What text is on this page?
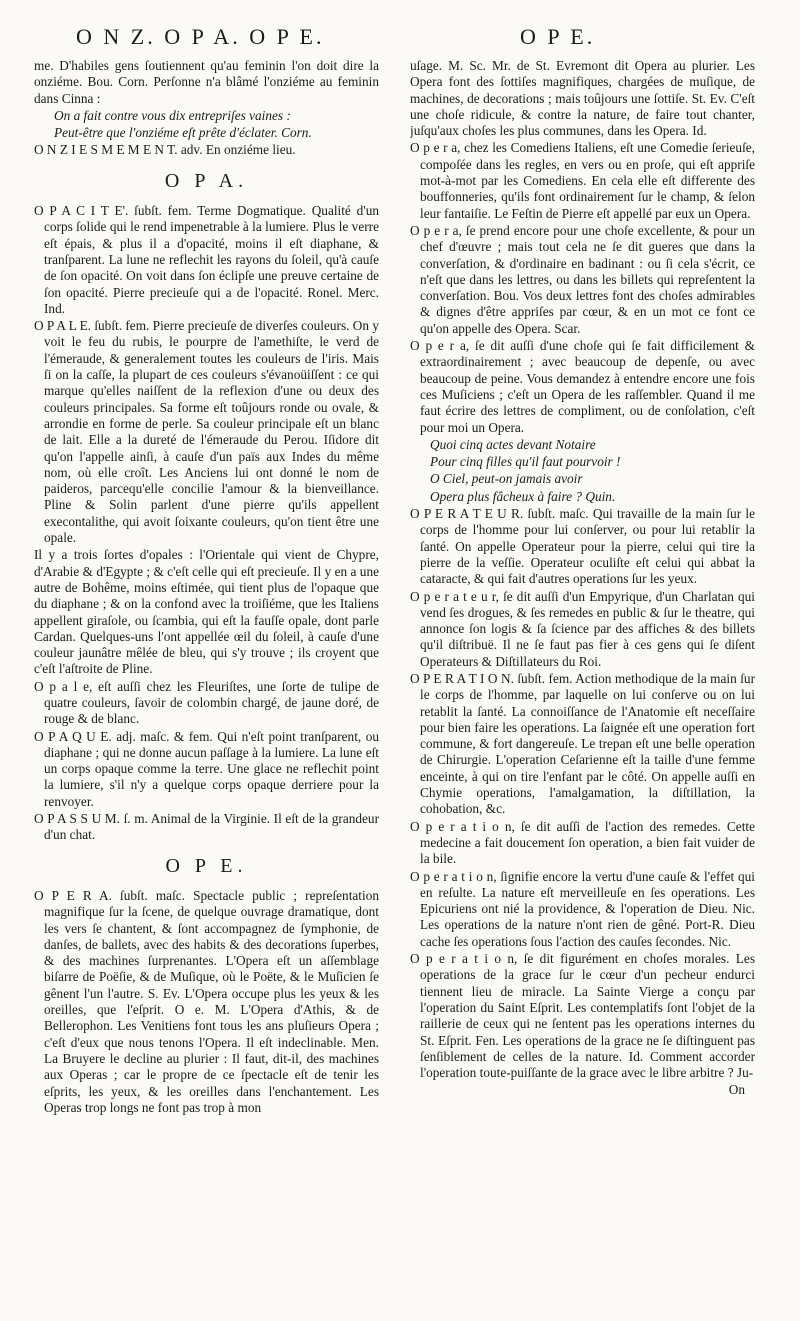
O N Z. O P A. O P E.	O P E.

me. D'habiles gens ſoutiennent qu'au feminin l'on doit dire la onziéme. Bou. Corn. Perſonne n'a blâmé l'onziéme au feminin dans Cinna :

On a fait contre vous dix entrepriſes vaines :

Peut-être que l'onziéme eſt prête d'éclater. Corn.

O N Z I E S M E M E N T. adv. En onziéme lieu.

O P A.

O P A C I T E'. ſubſt. fem. Terme Dogmatique. Qualité d'un corps ſolide qui le rend impenetrable à la lumiere. Plus le verre eſt épais, & plus il a d'opacité, moins il eſt diaphane, & tranſparent. La lune ne reflechit les rayons du ſoleil, qu'à cauſe de ſon opacité. On voit dans ſon éclipſe une preuve certaine de ſon opacité. Pierre precieuſe qui a de l'opacité. Ronel. Merc. Ind.

O P A L E. ſubſt. fem. Pierre precieuſe de diverſes couleurs. On y voit le feu du rubis, le pourpre de l'amethiſte, le verd de l'émeraude, & generalement toutes les couleurs de l'iris. Mais ſi on la caſſe, la plupart de ces couleurs s'évanoüiſſent : ce qui marque qu'elles naiſſent de la reflexion d'une ou deux des couleurs principales. Sa forme eſt toûjours ronde ou ovale, & arrondie en forme de perle. Sa couleur principale eſt un blanc de lait. Elle a la dureté de l'émeraude du Perou. Iſidore dit qu'on l'appelle ainſi, à cauſe d'un païs aux Indes du même nom, où elle croît. Les Anciens lui ont donné le nom de paideros, parcequ'elle concilie l'amour & la bienveillance. Pline & Solin parlent d'une pierre qu'ils appellent execontalithe, qui avoit ſoixante couleurs, qu'on tient être une opale.

Il y a trois ſortes d'opales : l'Orientale qui vient de Chypre, d'Arabie & d'Egypte ; & c'eſt celle qui eſt precieuſe. Il y en a une autre de Bohême, moins eſtimée, qui tient plus de l'opaque que du diaphane ; & on la confond avec la troiſiéme, que les Italiens appellent giraſole, ou ſcambia, qui eſt la fauſſe opale, dont parle Cardan. Quelques-uns l'ont appellée œil du ſoleil, à cauſe d'une couleur jaunâtre mêlée de bleu, qui s'y trouve ; ils croyent que c'eſt l'aſtroite de Pline.

O p a l e, eſt auſſi chez les Fleuriſtes, une ſorte de tulipe de quatre couleurs, ſavoir de colombin chargé, de jaune doré, de rouge & de blanc.

O P A Q U E. adj. maſc. & fem. Qui n'eſt point tranſparent, ou diaphane ; qui ne donne aucun paſſage à la lumiere. La lune eſt un corps opaque comme la terre. Une glace ne reflechit point la lumiere, s'il n'y a quelque corps opaque derriere pour la renvoyer.

O P A S S U M. ſ. m. Animal de la Virginie. Il eſt de la grandeur d'un chat.

O P E.

O P E R A. ſubſt. maſc. Spectacle public ; repreſentation magnifique ſur la ſcene, de quelque ouvrage dramatique, dont les vers ſe chantent, & ſont accompagnez de ſymphonie, de danſes, de ballets, avec des habits & des decorations ſuperbes, & des machines ſurprenantes. L'Opera eſt un aſſemblage biſarre de Poëſie, & de Muſique, où le Poëte, & le Muſicien ſe gênent l'un l'autre. S. Ev. L'Opera occupe plus les yeux & les oreilles, que l'eſprit. O e. M. L'Opera d'Athis, & de Bellerophon. Les Venitiens font tous les ans pluſieurs Opera ; c'eſt d'eux que nous tenons l'Opera. Il eſt indeclinable. Men. La Bruyere le decline au plurier : Il faut, dit-il, des machines aux Operas ; car le propre de ce ſpectacle eſt de tenir les eſprits, les yeux, & les oreilles dans l'enchantement. Les Operas trop longs ne font pas trop à mon

uſage. M. Sc. Mr. de St. Evremont dit Opera au plurier. Les Opera font des ſottiſes magnifiques, chargées de muſique, de machines, de decorations ; mais toûjours une ſottiſe. St. Ev. C'eſt une choſe ridicule, & contre la nature, de faire tout chanter, juſqu'aux choſes les plus communes, dans les Opera. Id.

O p e r a, chez les Comediens Italiens, eſt une Comedie ſerieuſe, compoſée dans les regles, en vers ou en proſe, qui eſt appriſe mot-à-mot par les Comediens. En cela elle eſt differente des bouffonneries, qu'ils font ordinairement ſur le champ, & ſelon leur fantaiſie. Le Feſtin de Pierre eſt appellé par eux un Opera.

O p e r a, ſe prend encore pour une choſe excellente, & pour un chef d'œuvre ; mais tout cela ne ſe dit gueres que dans la converſation, & d'ordinaire en badinant : ou ſi cela s'écrit, ce n'eſt que dans les lettres, ou dans les billets qui repreſentent la converſation. Bou. Vos deux lettres font des choſes admirables & dignes d'être appriſes par cœur, & en un mot ce font ce qu'on appelle des Opera. Scar.

O p e r a, ſe dit auſſi d'une choſe qui ſe fait difficilement & extraordinairement ; avec beaucoup de depenſe, ou avec beaucoup de peine. Vous demandez à entendre encore une fois ces Muſiciens ; c'eſt un Opera de les raſſembler. Quand il me faut écrire des lettres de compliment, ou de conſolation, c'eſt pour moi un Opera.

Quoi cinq actes devant Notaire

Pour cinq filles qu'il faut pourvoir !

O Ciel, peut-on jamais avoir

Opera plus fâcheux à faire ? Quin.

O P E R A T E U R. ſubſt. maſc. Qui travaille de la main ſur le corps de l'homme pour lui conſerver, ou pour lui retablir la ſanté. On appelle Operateur pour la pierre, celui qui tire la pierre de la veſſie. Operateur oculiſte eſt celui qui abbat la cataracte, & qui fait d'autres operations ſur les yeux.

O p e r a t e u r, ſe dit auſſi d'un Empyrique, d'un Charlatan qui vend ſes drogues, & ſes remedes en public & ſur le theatre, qui annonce ſon logis & ſa ſcience par des affiches & des billets qu'il diſtribuë. Il ne ſe faut pas fier à ces gens qui ſe diſent Operateurs & Diſtillateurs du Roi.

O P E R A T I O N. ſubſt. fem. Action methodique de la main ſur le corps de l'homme, par laquelle on lui conſerve ou on lui retablit la ſanté. La connoiſſance de l'Anatomie eſt neceſſaire pour bien faire les operations. La ſaignée eſt une operation fort commune, & fort dangereuſe. Le trepan eſt une belle operation de Chirurgie. L'operation Ceſarienne eſt la taille d'une femme enceinte, à qui on tire l'enfant par le côté. On appelle auſſi en Chymie operations, l'amalgamation, la diſtillation, la cohobation, &c.

O p e r a t i o n, ſe dit auſſi de l'action des remedes. Cette medecine a fait doucement ſon operation, a bien fait vuider de la bile.

O p e r a t i o n, ſignifie encore la vertu d'une cauſe & l'effet qui en reſulte. La nature eſt merveilleuſe en ſes operations. Les Epicuriens ont nié la providence, & l'operation de Dieu. Nic. Les operations de la nature n'ont rien de gêné. Port-R. Dieu cache ſes operations ſous l'action des cauſes ſecondes. Nic.

O p e r a t i o n, ſe dit figurément en choſes morales. Les operations de la grace ſur le cœur d'un pecheur endurci tiennent lieu de miracle. La Sainte Vierge a conçu par l'operation du Saint Eſprit. Les contemplatifs ſont l'objet de la raillerie de ceux qui ne ſentent pas les operations internes du St. Eſprit. Fen. Les operations de la grace ne ſe diſtinguent pas ſenſiblement de celles de la nature. Id. Comment accorder l'operation toute-puiſſante de la grace avec le libre arbitre ? Ju-

On
